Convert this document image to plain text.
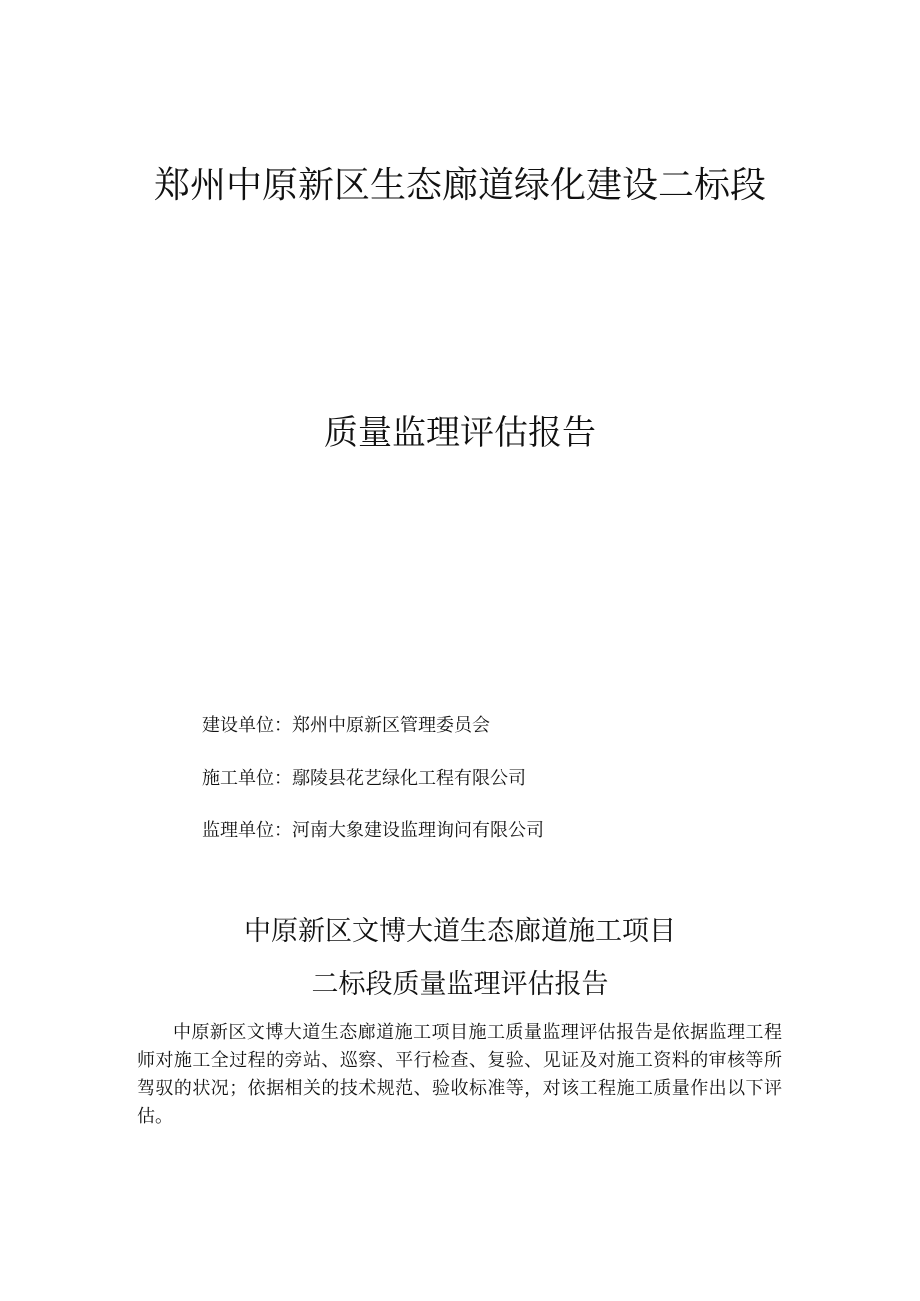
郑州中原新区生态廊道绿化建设二标段
质量监理评估报告
建设单位：郑州中原新区管理委员会
施工单位：鄢陵县花艺绿化工程有限公司
监理单位：河南大象建设监理询问有限公司
中原新区文博大道生态廊道施工项目
二标段质量监理评估报告

中原新区文博大道生态廊道施工项目施工质量监理评估报告是依据监理工程师对施工全过程的旁站、巡察、平行检查、复验、见证及对施工资料的审核等所驾驭的状况；依据相关的技术规范、验收标准等，对该工程施工质量作出以下评估。
